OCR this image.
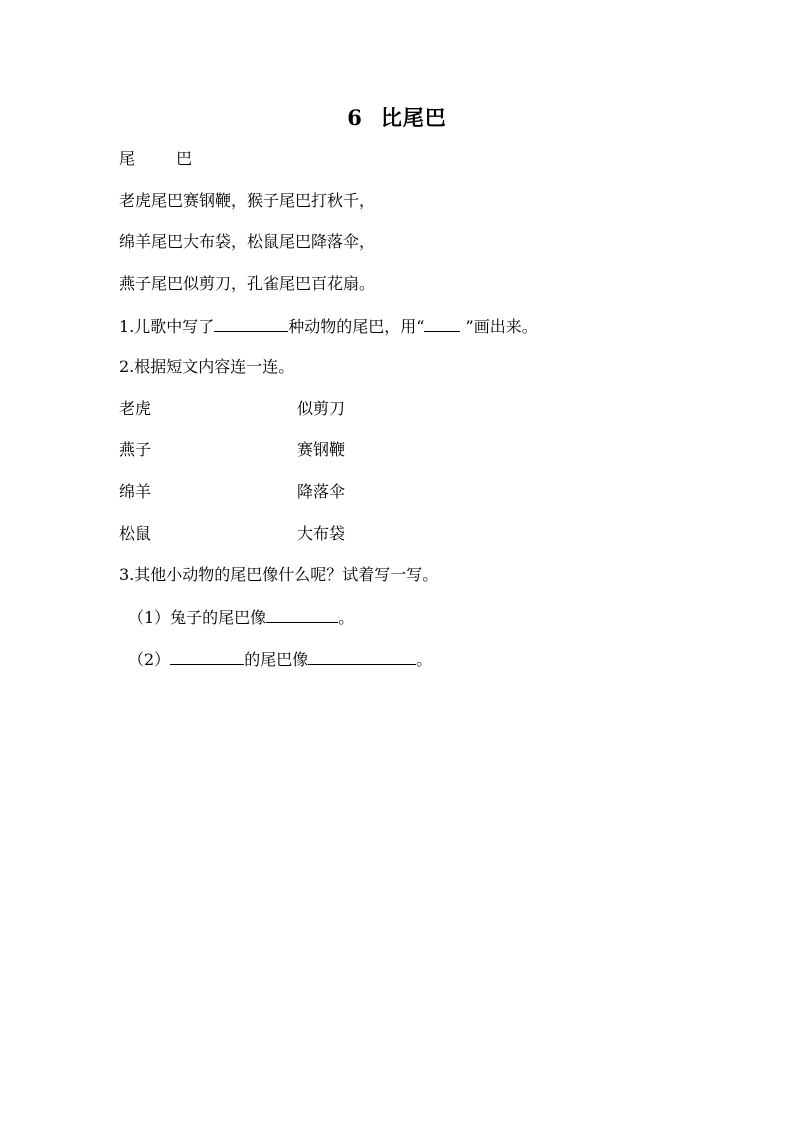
6 比尾巴
尾 巴
老虎尾巴赛钢鞭，猴子尾巴打秋千，
绵羊尾巴大布袋，松鼠尾巴降落伞，
燕子尾巴似剪刀，孔雀尾巴百花扇。
1.儿歌中写了	种动物的尾巴，用“ ”画出来。
2.根据短文内容连一连。
老虎	似剪刀
燕子	赛钢鞭
绵羊	降落伞
松鼠	大布袋
3.其他小动物的尾巴像什么呢？试着写一写。
（1）兔子的尾巴像	。
（2）	的尾巴像	。
